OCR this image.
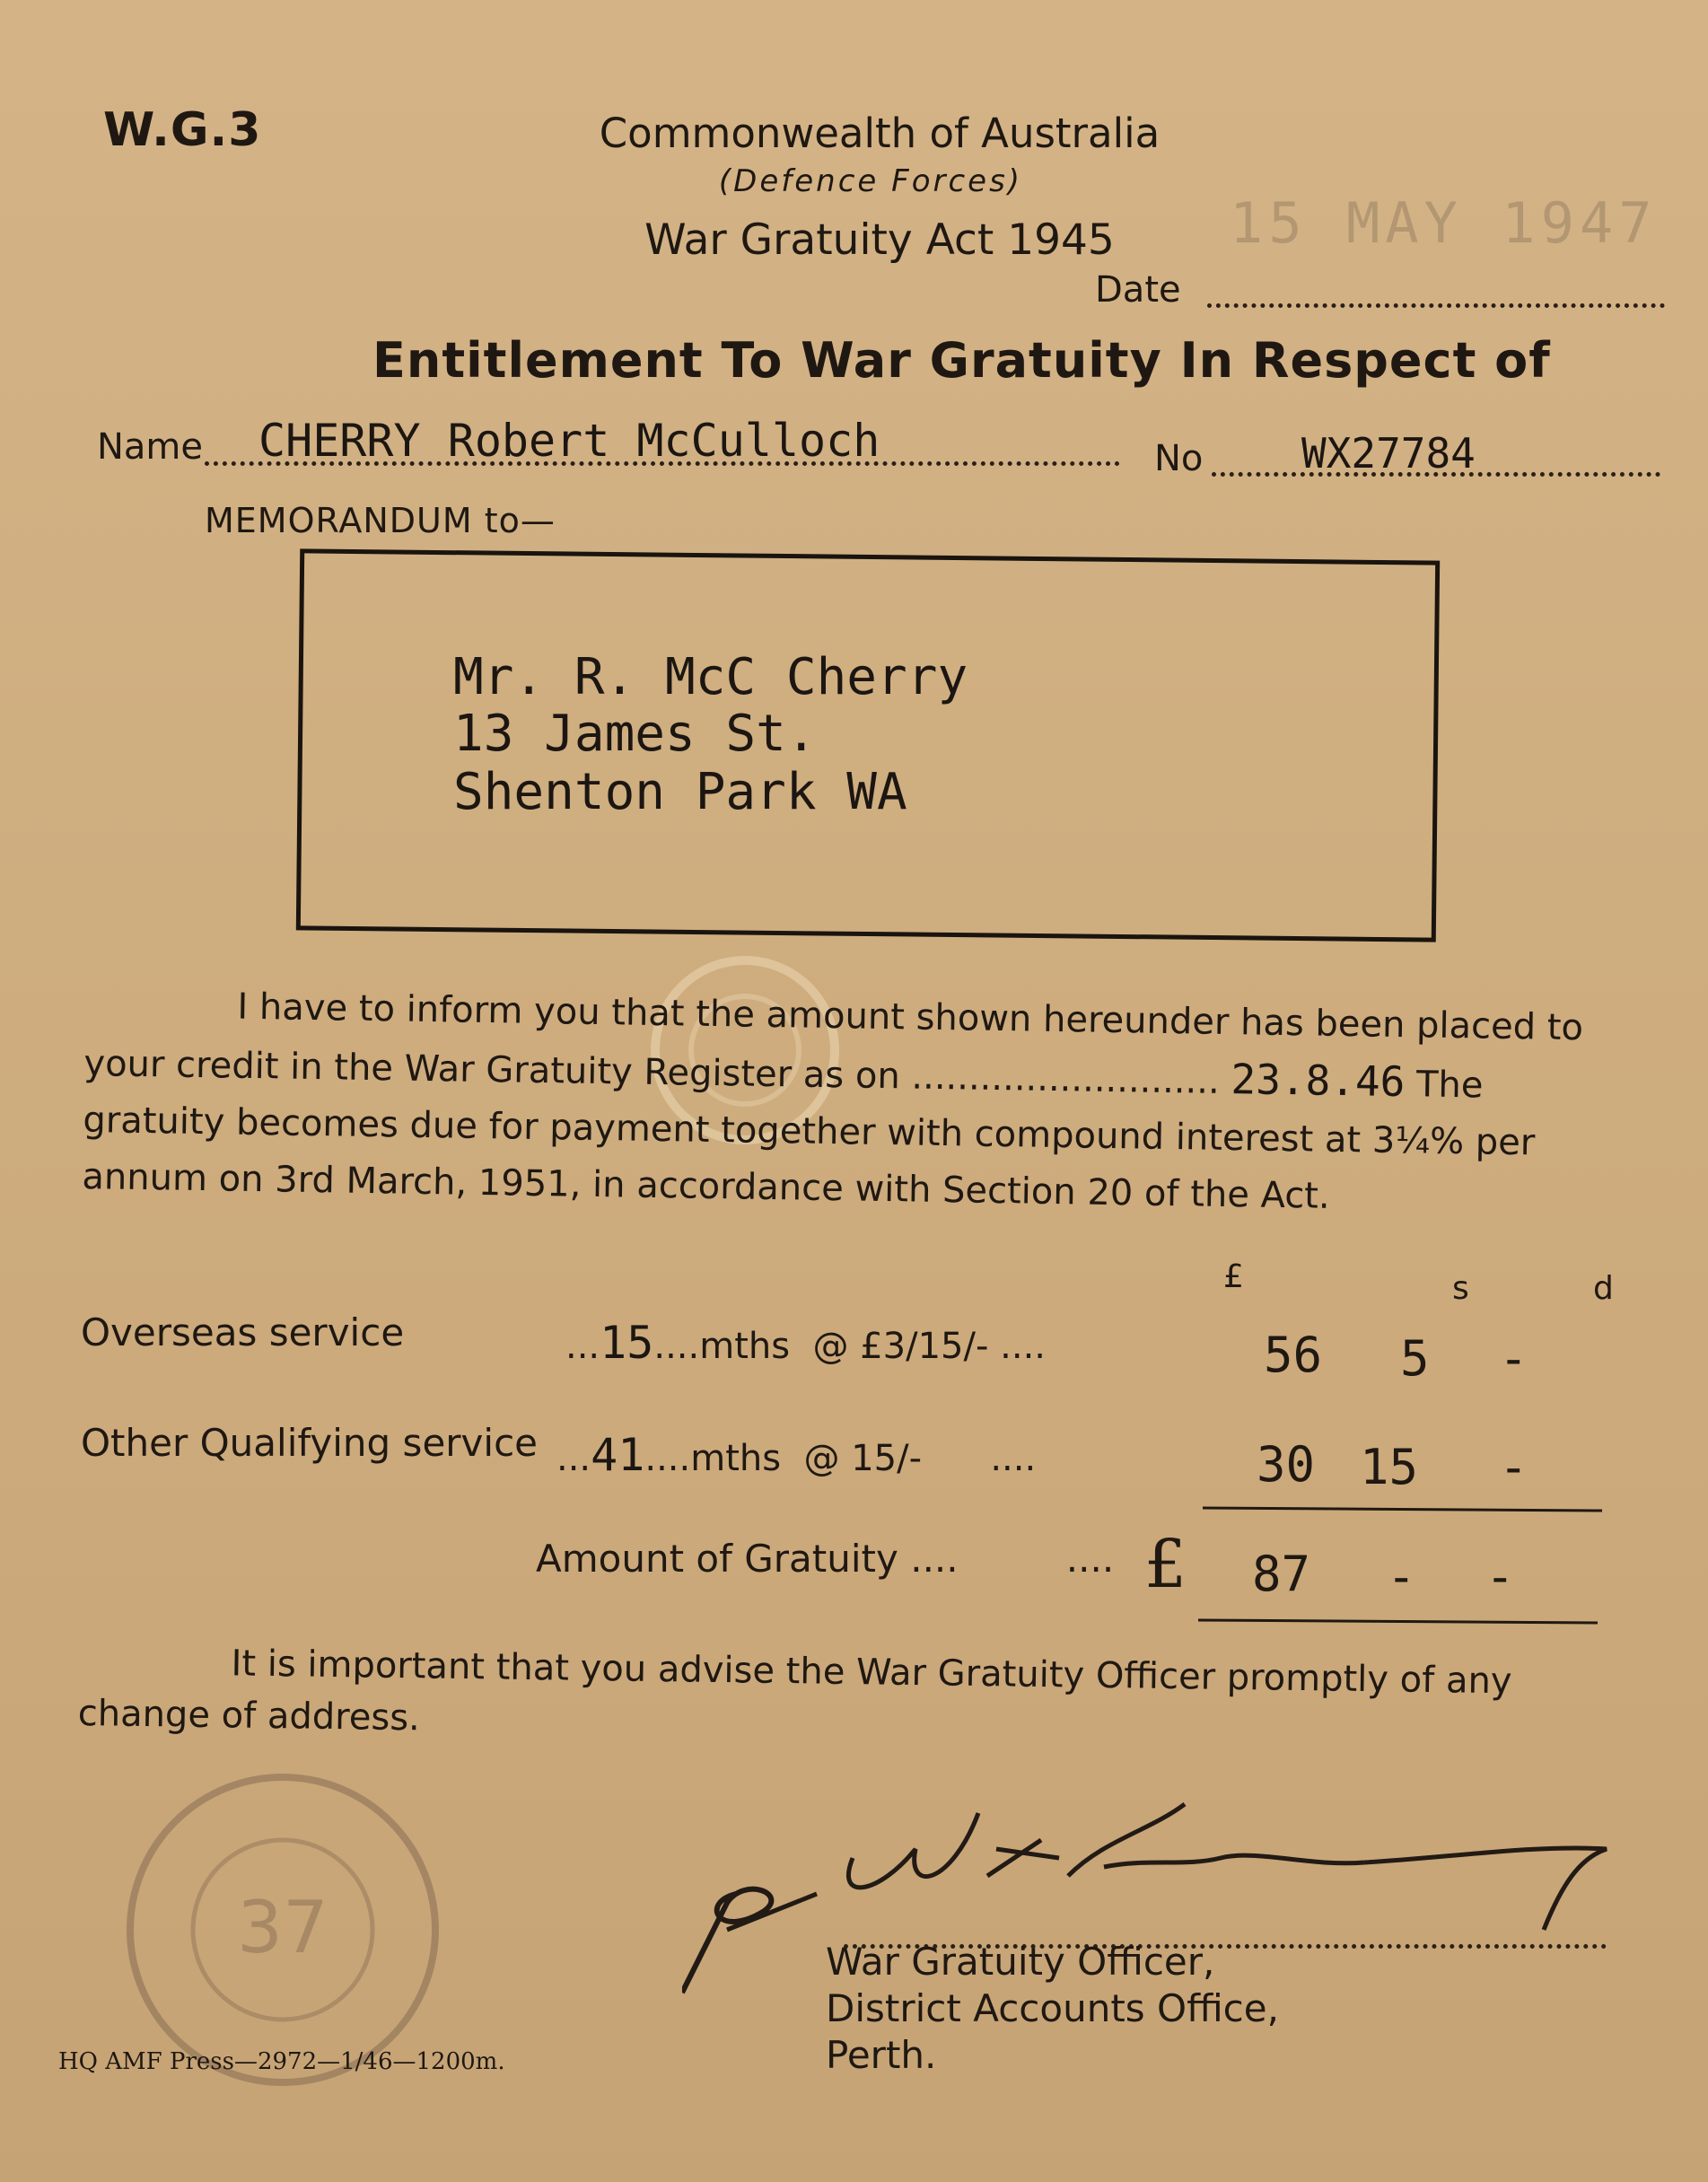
W.G.3	Commonwealth of Australia
(Defence Forces)
War Gratuity Act 1945	15 MAY 1947
Date
Entitlement To War Gratuity In Respect of
Name CHERRY Robert McCulloch	No WX27784
MEMORANDUM to—
Mr. R. McC Cherry
13 James St.
Shenton Park WA
I have to inform you that the amount shown hereunder has been placed to your credit in the War Gratuity Register as on ........................... 23.8.46 The gratuity becomes due for payment together with compound interest at 3¼% per annum on 3rd March, 1951, in accordance with Section 20 of the Act.
£	s	d
Overseas service	...15....mths @ £3/15/- ....	56 5 -
Other Qualifying service ...41....mths @ 15/-      ....	30 15 -
Amount of Gratuity ....         .... £ 87 - -
It is important that you advise the War Gratuity Officer promptly of any change of address.
37	War Gratuity Officer,
District Accounts Office,
Perth.
HQ AMF Press—2972—1/46—1200m.
